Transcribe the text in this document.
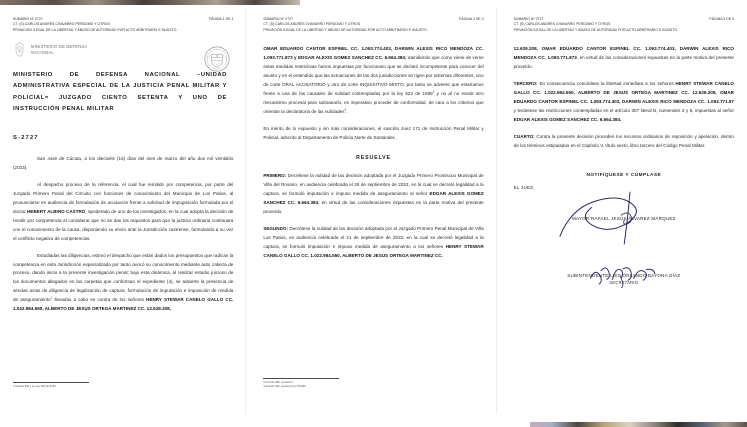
SUMARIO Nº 2727	PÁGINA 1 DE 3
CT. (S) CARLOS ANDRÉS CHAVARRO PERDOMO Y OTROS
PRIVACIÓN ILEGAL DE LA LIBERTAD Y ABUSO DE AUTORIDAD POR ACTO ARBITRARIO E INJUSTO.
MINISTERIO DE DEFENSA
NACIONAL
MINISTERIO DE DEFENSA NACIONAL –UNIDAD ADMINISTRATIVA ESPECIAL DE LA JUSTICIA PENAL MILITAR Y POLICIAL= JUZGADO CIENTO SETENTA Y UNO DE INSTRUCCIÓN PENAL MILITAR
S-2727

San José de Cúcuta, a los dieciséis (16) días del mes de marzo del año dos mil veintidós (2023).

Al despacho proceso de la referencia, el cual fue remitido por competencia, por parte del Juzgado Primero Penal del Circuito con funciones de conocimiento del Municipio de Los Patios, al pronunciarse en audiencia de formulación de acusación frente a solicitud de impugnación formulada por el doctor HEBERT ALBINO CASTRO, apoderado de uno de los investigados, en la cual adopta la decisión de remitir por competencia al considerar que no se dan los requisitos para que la justicia ordinaria continuara con el conocimiento de la causa, disponiendo su envío ante la Jurisdicción castrense, formulando a su vez el conflicto negativo de competencias.

Estudiadas las diligencias, estimó el despacho que están dados los presupuestos que radican la competencia en esta Jurisdicción especializada por tanto avocó su conocimiento mediante auto cabeza de proceso, dando inicio a la presente investigación penal; bajo esta dinámica, al realizar estudio juicioso de los documentos allegados en las carpetas que conforman el expediente (4), se advierte la presencia de sendas actas de diligencia de legalización de captura, formulación de imputación e imposición de medida de aseguramiento$^1$ llevadas a cabo en contra de los señores HENRY STEWAR CANELO GALLO CC. 1.022.984.550, ALBERTO DE JESUS ORTEGA MARTINEZ CC. 12.629.208,

1 Artículo 306 y ss. Ley 906 de 2004
SUMARIO Nº 2727	PÁGINA 2 DE 3
CT. (S) CARLOS ANDRÉS CHAVARRO PERDOMO Y OTROS
PRIVACIÓN ILEGAL DE LA LIBERTAD Y ABUSO DE AUTORIDAD POR ACTO ARBITRARIO E INJUSTO.

OMAR EDUARDO CANTOR ESPINEL CC. 1.093.774.403, DARWIN ALEXIS RICO MENDOZA CC. 1.093.771.873 y EDGAR ALEXIS GOMEZ SANCHEZ CC. 6.664.384; atendiendo que como viene de verse estas medidas restrictivas fueron impuestas por funcionario que se declaró incompetente para conocer del asunto y en el entendido que las actuaciones de las dos jurisdicciones se rigen por sistemas diferentes, uno de corte ORAL ACUSATORIO y otro de corte INQUISITIVO MIXTO, por tanto se advierte que estaríamos frente a una de las causales de nulidad contempladas por la ley 522 de 1999$^2$ y no al no existir otro mecanismo procesal para subsanarlo, es imperativo proceder de conformidad, de cara a los criterios que orientan la declaratoria de las nulidades$^3$.

En mérito de lo expuesto y sin más consideraciones, el suscrito Juez 171 de Instrucción Penal Militar y Policial, adscrito al Departamento de Policía Norte de Santander,

RESUELVE

PRIMERO: Decrétese la nulidad de las decisión adoptada por el Juzgado Primero Promiscuo Municipal de Villa del Rosario, en audiencia celebrada el 29 de septiembre de 2022, en la cual se decretó legalidad a la captura, se formuló imputación e impuso medida de aseguramiento al señor EDGAR ALEXIS GOMEZ SANCHEZ CC. 6.664.384, en virtud de las consideraciones expuestas en la parte motiva del presente proveído.

SEGUNDO: Decrétese la nulidad de las decisión adoptada por el Juzgado Primero Penal Municipal de Villa Los Patios, en audiencia celebrada el 21 de septiembre de 2022, en la cual se decretó legalidad a la captura, se formuló imputación e impuso medida de aseguramiento a los señores HENRY STEWAR CANELO GALLO CC. 1.022.984.550, ALBERTO DE JESUS ORTEGA MARTINEZ CC.

2 Artículo 388, numeral 3
3 Artículo 390, numeral 2 ley 522/99
SUMARIO Nº 2727	PÁGINA 3 DE 3
CT. (S) CARLOS ANDRÉS CHAVARRO PERDOMO Y OTROS
PRIVACIÓN ILEGAL DE LA LIBERTAD Y ABUSO DE AUTORIDAD POR ACTO ARBITRARIO E INJUSTO.

12.629.208, OMAR EDUARDO CANTOR ESPINEL CC. 1.093.774.403, DARWIN ALEXIS RICO MENDOZA CC. 1.093.771.873, en virtud de las consideraciones expuestas en la parte motiva del presente proveído.

TERCERO: En consecuencia concédase la libertad inmediata a los señores HENRY STEWAR CANELO GALLO CC. 1.022.984.550, ALBERTO DE JESUS ORTEGA MARTINEZ CC. 12.629.208, OMAR EDUARDO CANTOR ESPINEL CC. 1.093.774.403, DARWIN ALEXIS RICO MENDOZA CC. 1.093.771.87 y levántese las restricciones contempladas en el artículo 307 literal B, numerales 3 y 5, impuestas al señor EDGAR ALEXIS GOMEZ SANCHEZ CC. 6.664.384.

CUARTO: Contra la presente decisión proceden los recursos ordinarios de reposición y apelación, dentro de los términos estipulados en el Capítulo V, título sexto, libro tercero del Código Penal Militar.

NOTIFÍQUESE Y CÚMPLASE
EL JUEZ,
MAYOR RAFAEL JESÚS ÁLVAREZ MÁRQUEZ
SUBINTENDENTE LUIS ORLANDO BAYONA DÍAZ
SECRETARIO
